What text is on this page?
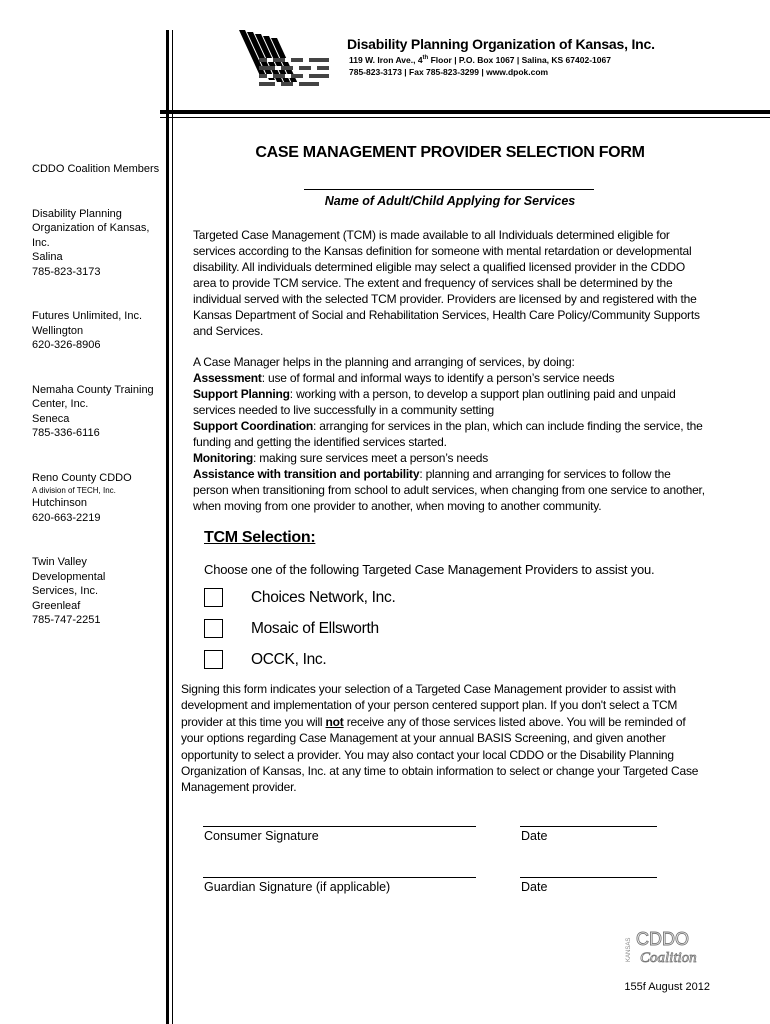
Disability Planning Organization of Kansas, Inc.
119 W. Iron Ave., 4th Floor | P.O. Box 1067 | Salina, KS 67402-1067
785-823-3173 | Fax 785-823-3299 | www.dpok.com
CDDO Coalition Members
Disability Planning
Organization of Kansas,
Inc.
Salina
785-823-3173
Futures Unlimited, Inc.
Wellington
620-326-8906
Nemaha County Training
Center, Inc.
Seneca
785-336-6116
Reno County CDDO
A division of TECH, Inc.
Hutchinson
620-663-2219
Twin Valley Developmental
Services, Inc.
Greenleaf
785-747-2251
CASE MANAGEMENT PROVIDER SELECTION FORM
Name of Adult/Child Applying for Services
Targeted Case Management (TCM) is made available to all Individuals determined eligible for services according to the Kansas definition for someone with mental retardation or developmental disability. All individuals determined eligible may select a qualified licensed provider in the CDDO area to provide TCM service. The extent and frequency of services shall be determined by the individual served with the selected TCM provider. Providers are licensed by and registered with the Kansas Department of Social and Rehabilitation Services, Health Care Policy/Community Supports and Services.
A Case Manager helps in the planning and arranging of services, by doing:
Assessment: use of formal and informal ways to identify a person’s service needs
Support Planning: working with a person, to develop a support plan outlining paid and unpaid services needed to live successfully in a community setting
Support Coordination: arranging for services in the plan, which can include finding the service, the funding and getting the identified services started.
Monitoring: making sure services meet a person’s needs
Assistance with transition and portability: planning and arranging for services to follow the person when transitioning from school to adult services, when changing from one service to another, when moving from one provider to another, when moving to another community.
TCM Selection:
Choose one of the following Targeted Case Management Providers to assist you.
Choices Network, Inc.
Mosaic of Ellsworth
OCCK, Inc.
Signing this form indicates your selection of a Targeted Case Management provider to assist with development and implementation of your person centered support plan. If you don't select a TCM provider at this time you will not receive any of those services listed above. You will be reminded of your options regarding Case Management at your annual BASIS Screening, and given another opportunity to select a provider. You may also contact your local CDDO or the Disability Planning Organization of Kansas, Inc. at any time to obtain information to select or change your Targeted Case Management provider.
Consumer Signature	Date
Guardian Signature (if applicable)	Date
KANSAS CDDO
Coalition
155f August 2012
